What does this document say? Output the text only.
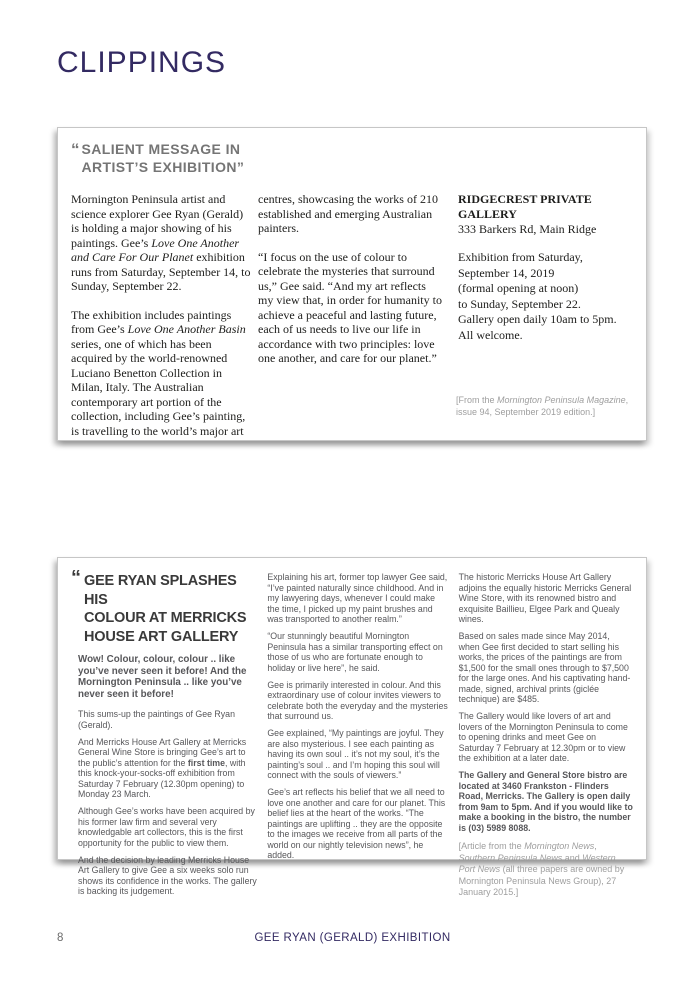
CLIPPINGS
“ SALIENT MESSAGE IN
ARTIST’S EXHIBITION”

Mornington Peninsula artist and science explorer Gee Ryan (Gerald) is holding a major showing of his paintings. Gee’s Love One Another and Care For Our Planet exhibition runs from Saturday, September 14, to Sunday, September 22.

The exhibition includes paintings from Gee’s Love One Another Basin series, one of which has been acquired by the world-renowned Luciano Benetton Collection in Milan, Italy. The Australian contemporary art portion of the collection, including Gee’s painting, is travelling to the world’s major art

centres, showcasing the works of 210 established and emerging Australian painters.

“I focus on the use of colour to celebrate the mysteries that surround us,” Gee said. “And my art reflects my view that, in order for humanity to achieve a peaceful and lasting future, each of us needs to live our life in accordance with two principles: love one another, and care for our planet.”

RIDGECREST PRIVATE GALLERY

333 Barkers Rd, Main Ridge

Exhibition from Saturday,
September 14, 2019
(formal opening at noon)
to Sunday, September 22.
Gallery open daily 10am to 5pm.
All welcome.

[From the Mornington Peninsula Magazine, issue 94, September 2019 edition.]

“ GEE RYAN SPLASHES HIS
COLOUR AT MERRICKS
HOUSE ART GALLERY

Wow! Colour, colour, colour .. like you’ve never seen it before! And the Mornington Peninsula .. like you’ve never seen it before!

This sums-up the paintings of Gee Ryan (Gerald).

And Merricks House Art Gallery at Merricks General Wine Store is bringing Gee’s art to the public’s attention for the first time, with this knock-your-socks-off exhibition from Saturday 7 February (12.30pm opening) to Monday 23 March.

Although Gee’s works have been acquired by his former law firm and several very knowledgable art collectors, this is the first opportunity for the public to view them.

And the decision by leading Merricks House Art Gallery to give Gee a six weeks solo run shows its confidence in the works. The gallery is backing its judgement.

Explaining his art, former top lawyer Gee said, “I’ve painted naturally since childhood. And in my lawyering days, whenever I could make the time, I picked up my paint brushes and was transported to another realm.”

“Our stunningly beautiful Mornington Peninsula has a similar transporting effect on those of us who are fortunate enough to holiday or live here”, he said.

Gee is primarily interested in colour. And this extraordinary use of colour invites viewers to celebrate both the everyday and the mysteries that surround us.

Gee explained, “My paintings are joyful. They are also mysterious. I see each painting as having its own soul .. it’s not my soul, it’s the painting’s soul .. and I’m hoping this soul will connect with the souls of viewers.”

Gee’s art reflects his belief that we all need to love one another and care for our planet. This belief lies at the heart of the works. “The paintings are uplifting .. they are the opposite to the images we receive from all parts of the world on our nightly television news”, he added.

The historic Merricks House Art Gallery adjoins the equally historic Merricks General Wine Store, with its renowned bistro and exquisite Baillieu, Elgee Park and Quealy wines.

Based on sales made since May 2014, when Gee first decided to start selling his works, the prices of the paintings are from $1,500 for the small ones through to $7,500 for the large ones. And his captivating hand-made, signed, archival prints (giclée technique) are $485.

The Gallery would like lovers of art and lovers of the Mornington Peninsula to come to opening drinks and meet Gee on Saturday 7 February at 12.30pm or to view the exhibition at a later date.

The Gallery and General Store bistro are located at 3460 Frankston - Flinders Road, Merricks. The Gallery is open daily from 9am to 5pm. And if you would like to make a booking in the bistro, the number is (03) 5989 8088.

[Article from the Mornington News, Southern Peninsula News and Western Port News (all three papers are owned by Mornington Peninsula News Group), 27 January 2015.]

8	GEE RYAN (GERALD) EXHIBITION
